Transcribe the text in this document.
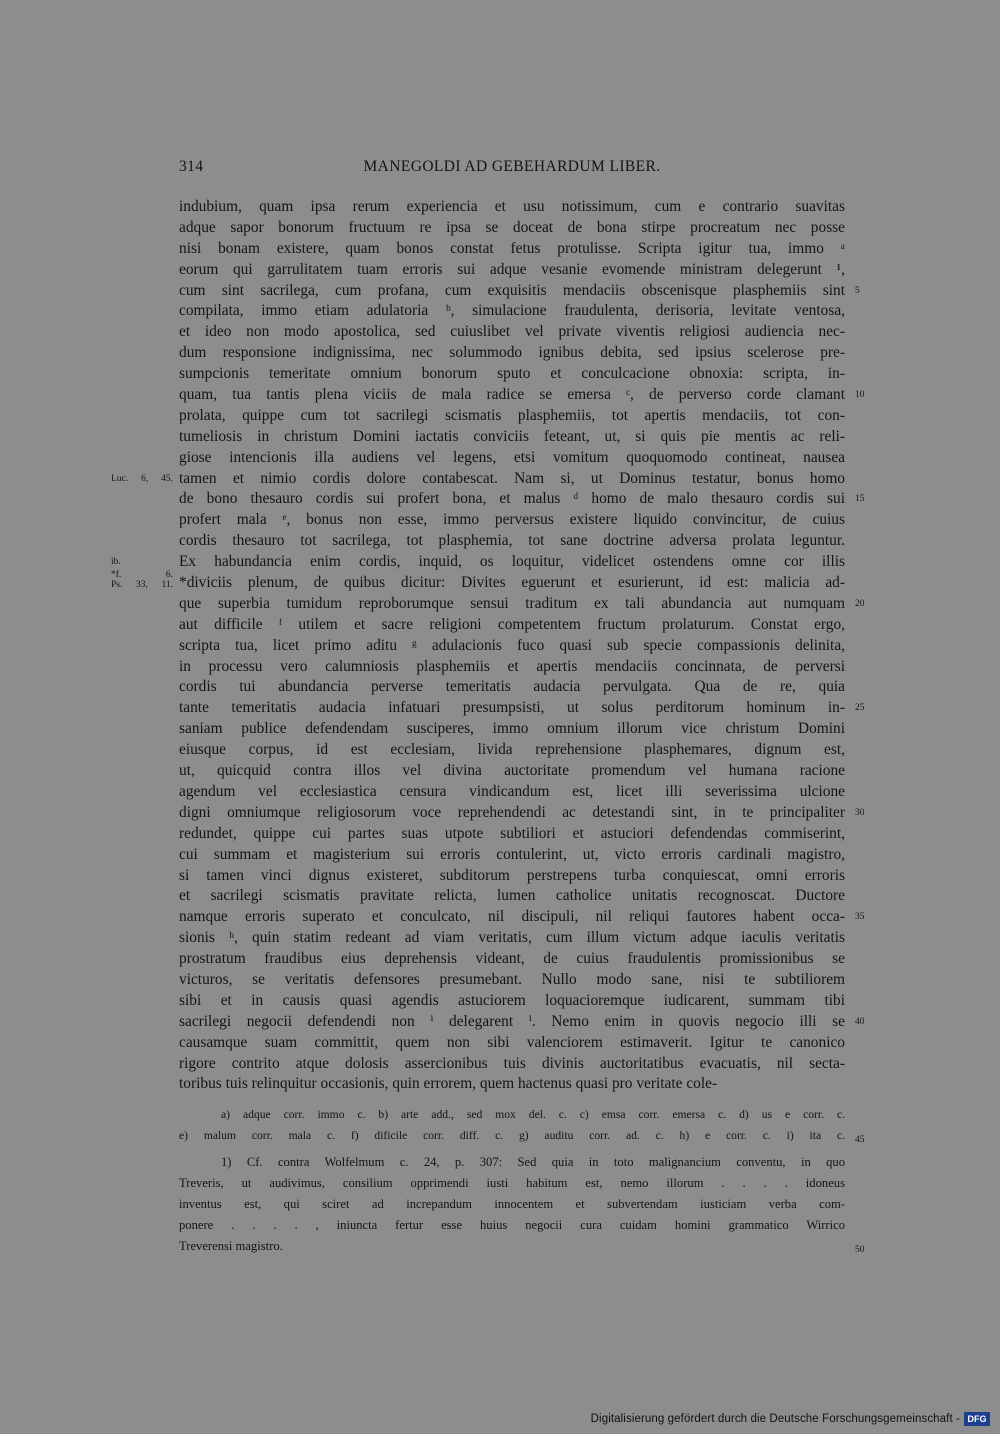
314	MANEGOLDI AD GEBEHARDUM LIBER.
indubium, quam ipsa rerum experiencia et usu notissimum, cum e contrario suavitas
adque sapor bonorum fructuum re ipsa se doceat de bona stirpe procreatum nec posse
nisi bonam existere, quam bonos constat fetus protulisse. Scripta igitur tua, immo ᵃ
eorum qui garrulitatem tuam erroris sui adque vesanie evomende ministram delegerunt ¹,
cum sint sacrilega, cum profana, cum exquisitis mendaciis obscenisque plasphemiis sint 5
compilata, immo etiam adulatoria ᵇ, simulacione fraudulenta, derisoria, levitate ventosa,
et ideo non modo apostolica, sed cuiuslibet vel private viventis religiosi audiencia nec-
dum responsione indignissima, nec solummodo ignibus debita, sed ipsius scelerose pre-
sumpcionis temeritate omnium bonorum sputo et conculcacione obnoxia: scripta, in-
quam, tua tantis plena viciis de mala radice se emersa ᶜ, de perverso corde clamant 10
prolata, quippe cum tot sacrilegi scismatis plasphemiis, tot apertis mendaciis, tot con-
tumeliosis in christum Domini iactatis conviciis feteant, ut, si quis pie mentis ac reli-
giose intencionis illa audiens vel legens, etsi vomitum quoquomodo contineat, nausea
tamen et nimio cordis dolore contabescat. Nam si, ut Dominus testatur, bonus homo
Luc. 6, 45.
de bono thesauro cordis sui profert bona, et malus ᵈ homo de malo thesauro cordis sui 15
profert mala ᵉ, bonus non esse, immo perversus existere liquido convincitur, de cuius
cordis thesauro tot sacrilega, tot plasphemia, tot sane doctrine adversa prolata leguntur.
Ex habundancia enim cordis, inquid, os loquitur, videlicet ostendens omne cor illis
ib.
*diviciis plenum, de quibus dicitur: Divites eguerunt et esurierunt, id est: malicia ad-
*f. 6.
Ps. 33, 11.
que superbia tumidum reproborumque sensui traditum ex tali abundancia aut numquam 20
aut difficile ᶠ utilem et sacre religioni competentem fructum prolaturum. Constat ergo,
scripta tua, licet primo aditu ᵍ adulacionis fuco quasi sub specie compassionis delinita,
in processu vero calumniosis plasphemiis et apertis mendaciis concinnata, de perversi
cordis tui abundancia perverse temeritatis audacia pervulgata. Qua de re, quia
tante temeritatis audacia infatuari presumpsisti, ut solus perditorum hominum in- 25
saniam publice defendendam susciperes, immo omnium illorum vice christum Domini
eiusque corpus, id est ecclesiam, livida reprehensione plasphemares, dignum est,
ut, quicquid contra illos vel divina auctoritate promendum vel humana racione
agendum vel ecclesiastica censura vindicandum est, licet illi severissima ulcione
digni omniumque religiosorum voce reprehendendi ac detestandi sint, in te principaliter 30
redundet, quippe cui partes suas utpote subtiliori et astuciori defendendas commiserint,
cui summam et magisterium sui erroris contulerint, ut, victo erroris cardinali magistro,
si tamen vinci dignus existeret, subditorum perstrepens turba conquiescat, omni erroris
et sacrilegi scismatis pravitate relicta, lumen catholice unitatis recognoscat. Ductore
namque erroris superato et conculcato, nil discipuli, nil reliqui fautores habent occa- 35
sionis ʰ, quin statim redeant ad viam veritatis, cum illum victum adque iaculis veritatis
prostratum fraudibus eius deprehensis videant, de cuius fraudulentis promissionibus se
victuros, se veritatis defensores presumebant. Nullo modo sane, nisi te subtiliorem
sibi et in causis quasi agendis astuciorem loquacioremque iudicarent, summam tibi
sacrilegi negocii defendendi non ⁱ delegarent ⁱ. Nemo enim in quovis negocio illi se 40
causamque suam committit, quem non sibi valenciorem estimaverit. Igitur te canonico
rigore contrito atque dolosis assercionibus tuis divinis auctoritatibus evacuatis, nil secta-
toribus tuis relinquitur occasionis, quin errorem, quem hactenus quasi pro veritate cole-
a) adque corr. immo c. b) arte add., sed mox del. c. c) emsa corr. emersa c. d) us e corr. c.
e) malum corr. mala c. f) dificile corr. diff. c. g) auditu corr. ad. c. h) e corr. c. i) ita c. 45
1) Cf. contra Wolfelmum c. 24, p. 307: Sed quia in toto malignancium conventu, in quo
Treveris, ut audivimus, consilium opprimendi iusti habitum est, nemo illorum . . . . idoneus
inventus est, qui sciret ad increpandum innocentem et subvertendam iusticiam verba com-
ponere . . . . , iniuncta fertur esse huius negocii cura cuidam homini grammatico Wirrico
Treverensi magistro.	50
Digitalisierung gefördert durch die Deutsche Forschungsgemeinschaft - DFG
